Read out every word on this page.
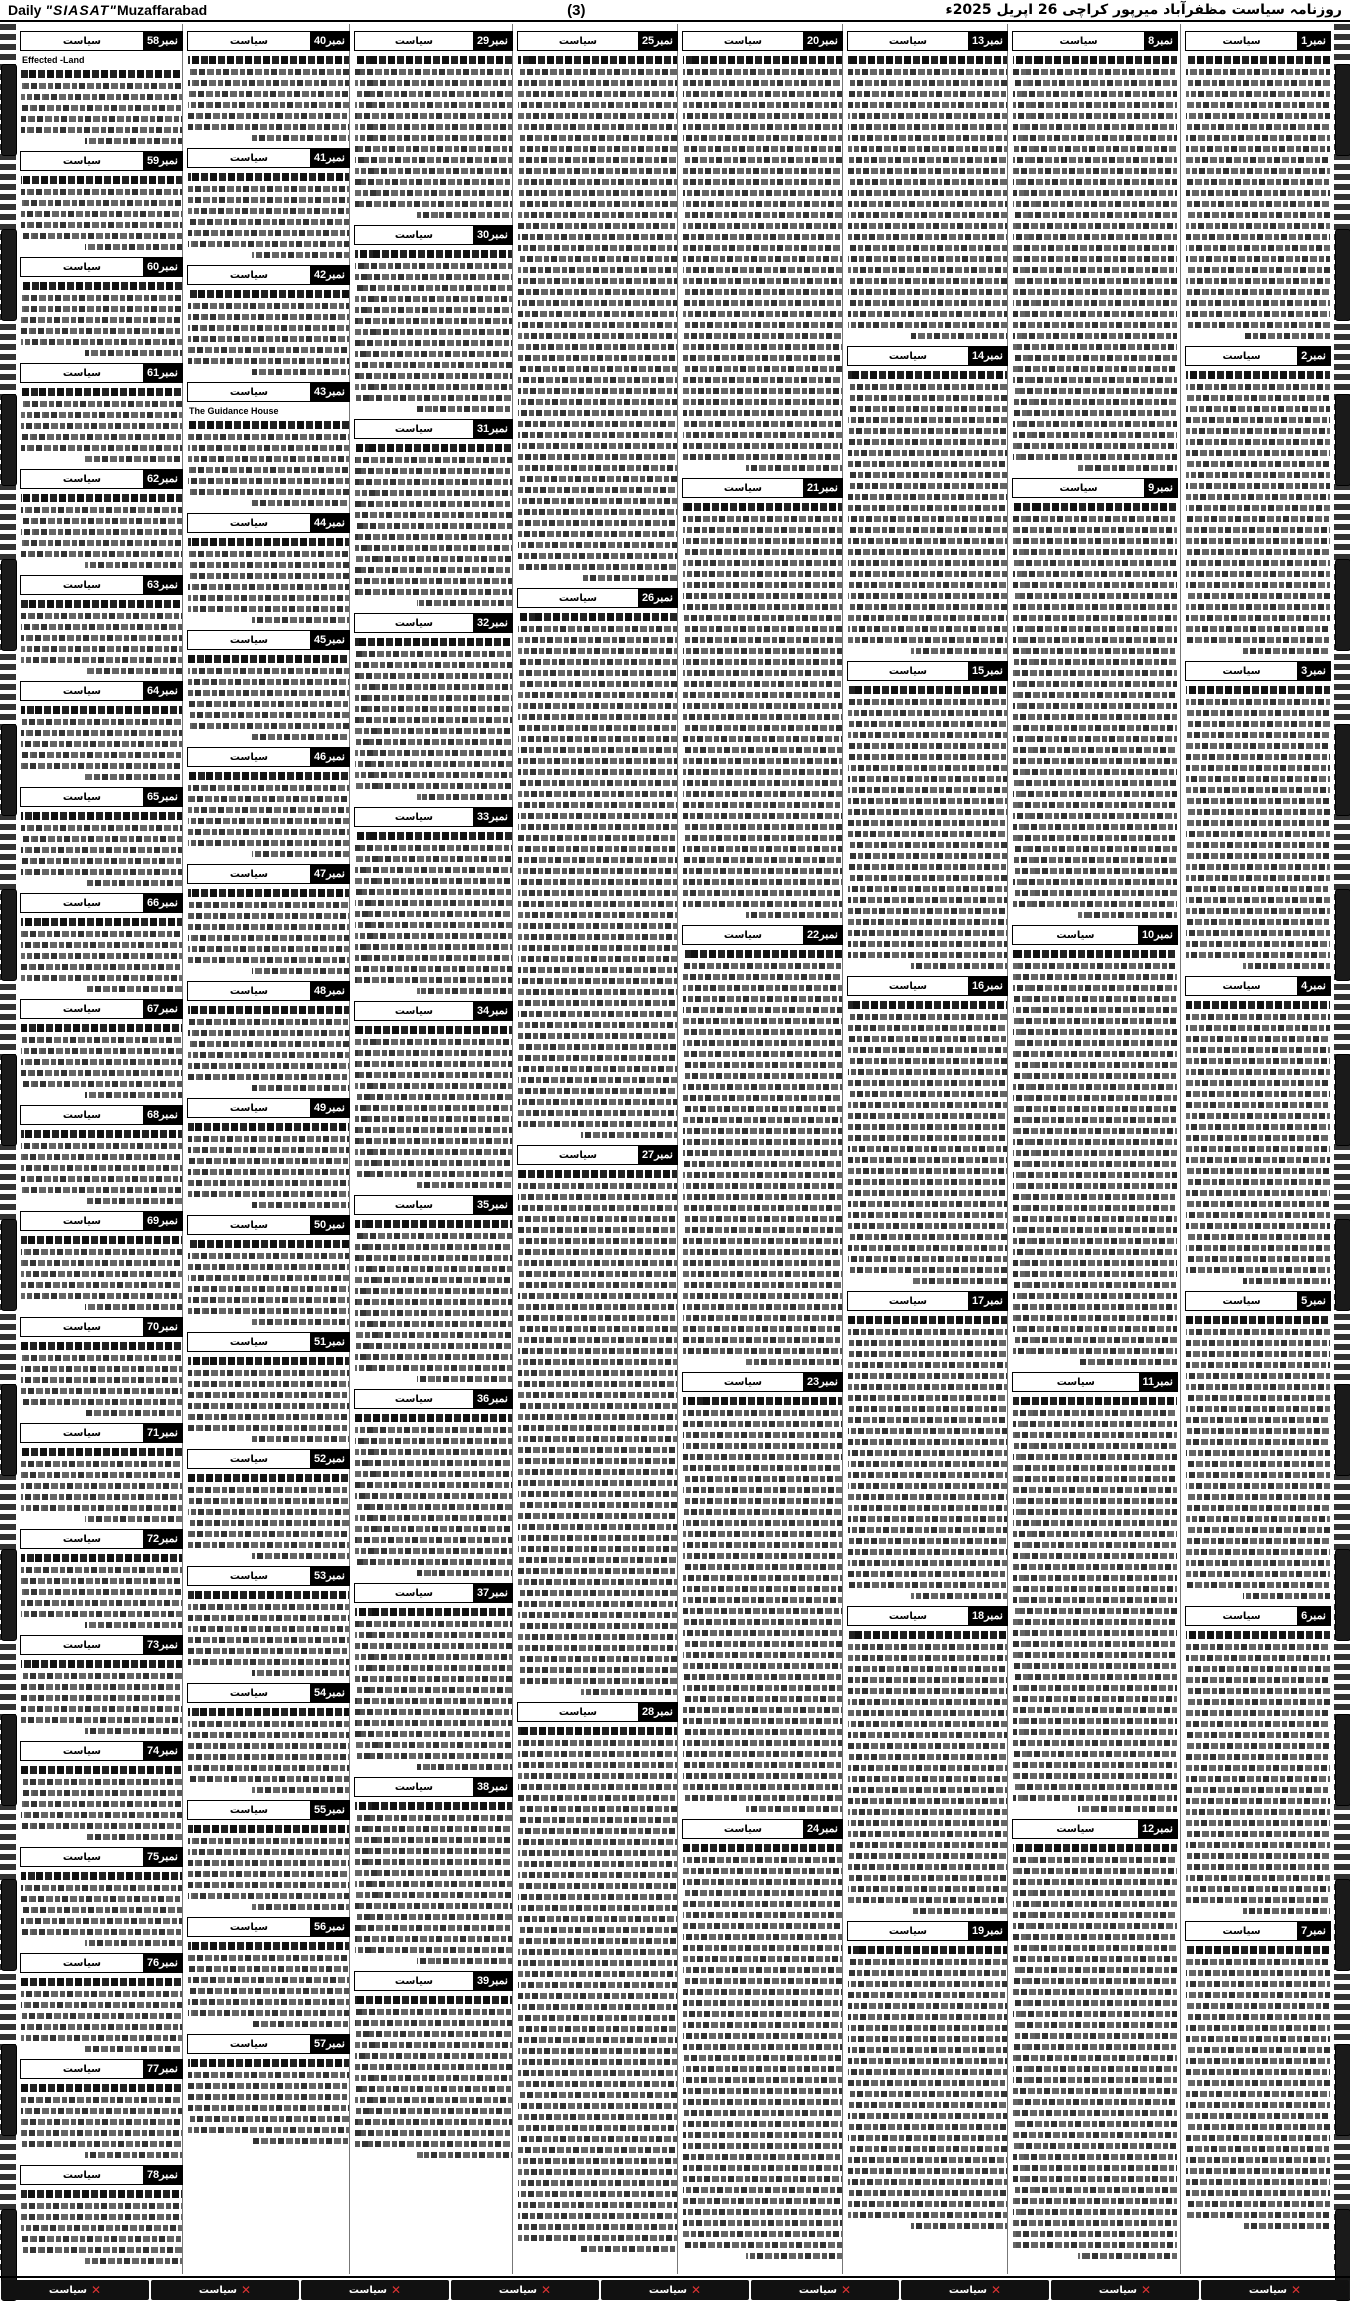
Daily "SIASAT"Muzaffarabad	(3)	روزنامہ سیاست مظفرآباد میرپور کراچی 26 اپریل 2025ء
سیاست	نمبر1
سیاست	نمبر2
سیاست	نمبر3
سیاست	نمبر4
سیاست	نمبر5
سیاست	نمبر6
سیاست	نمبر7
سیاست	نمبر8
سیاست	نمبر9
سیاست	نمبر10
سیاست	نمبر11
سیاست	نمبر12
سیاست	نمبر13
سیاست	نمبر14
سیاست	نمبر15
سیاست	نمبر16
سیاست	نمبر17
سیاست	نمبر18
سیاست	نمبر19
سیاست	نمبر20
سیاست	نمبر21
سیاست	نمبر22
سیاست	نمبر23
سیاست	نمبر24
سیاست	نمبر25
سیاست	نمبر26
سیاست	نمبر27
سیاست	نمبر28
سیاست	نمبر29
سیاست	نمبر30
سیاست	نمبر31
سیاست	نمبر32
سیاست	نمبر33
سیاست	نمبر34
سیاست	نمبر35
سیاست	نمبر36
سیاست	نمبر37
سیاست	نمبر38
سیاست	نمبر39
سیاست	نمبر40
سیاست	نمبر41
سیاست	نمبر42
سیاست	نمبر43
The Guidance House
سیاست	نمبر44
سیاست	نمبر45
سیاست	نمبر46
سیاست	نمبر47
سیاست	نمبر48
سیاست	نمبر49
سیاست	نمبر50
سیاست	نمبر51
سیاست	نمبر52
سیاست	نمبر53
سیاست	نمبر54
سیاست	نمبر55
سیاست	نمبر56
سیاست	نمبر57
سیاست	نمبر58
Effected -Land
سیاست	نمبر59
سیاست	نمبر60
سیاست	نمبر61
سیاست	نمبر62
سیاست	نمبر63
سیاست	نمبر64
سیاست	نمبر65
سیاست	نمبر66
سیاست	نمبر67
سیاست	نمبر68
سیاست	نمبر69
سیاست	نمبر70
سیاست	نمبر71
سیاست	نمبر72
سیاست	نمبر73
سیاست	نمبر74
سیاست	نمبر75
سیاست	نمبر76
سیاست	نمبر77
سیاست	نمبر78
✕
سیاست	✕
سیاست	✕
سیاست	✕
سیاست	✕
سیاست	✕
سیاست	✕
سیاست	✕
سیاست	✕
سیاست
